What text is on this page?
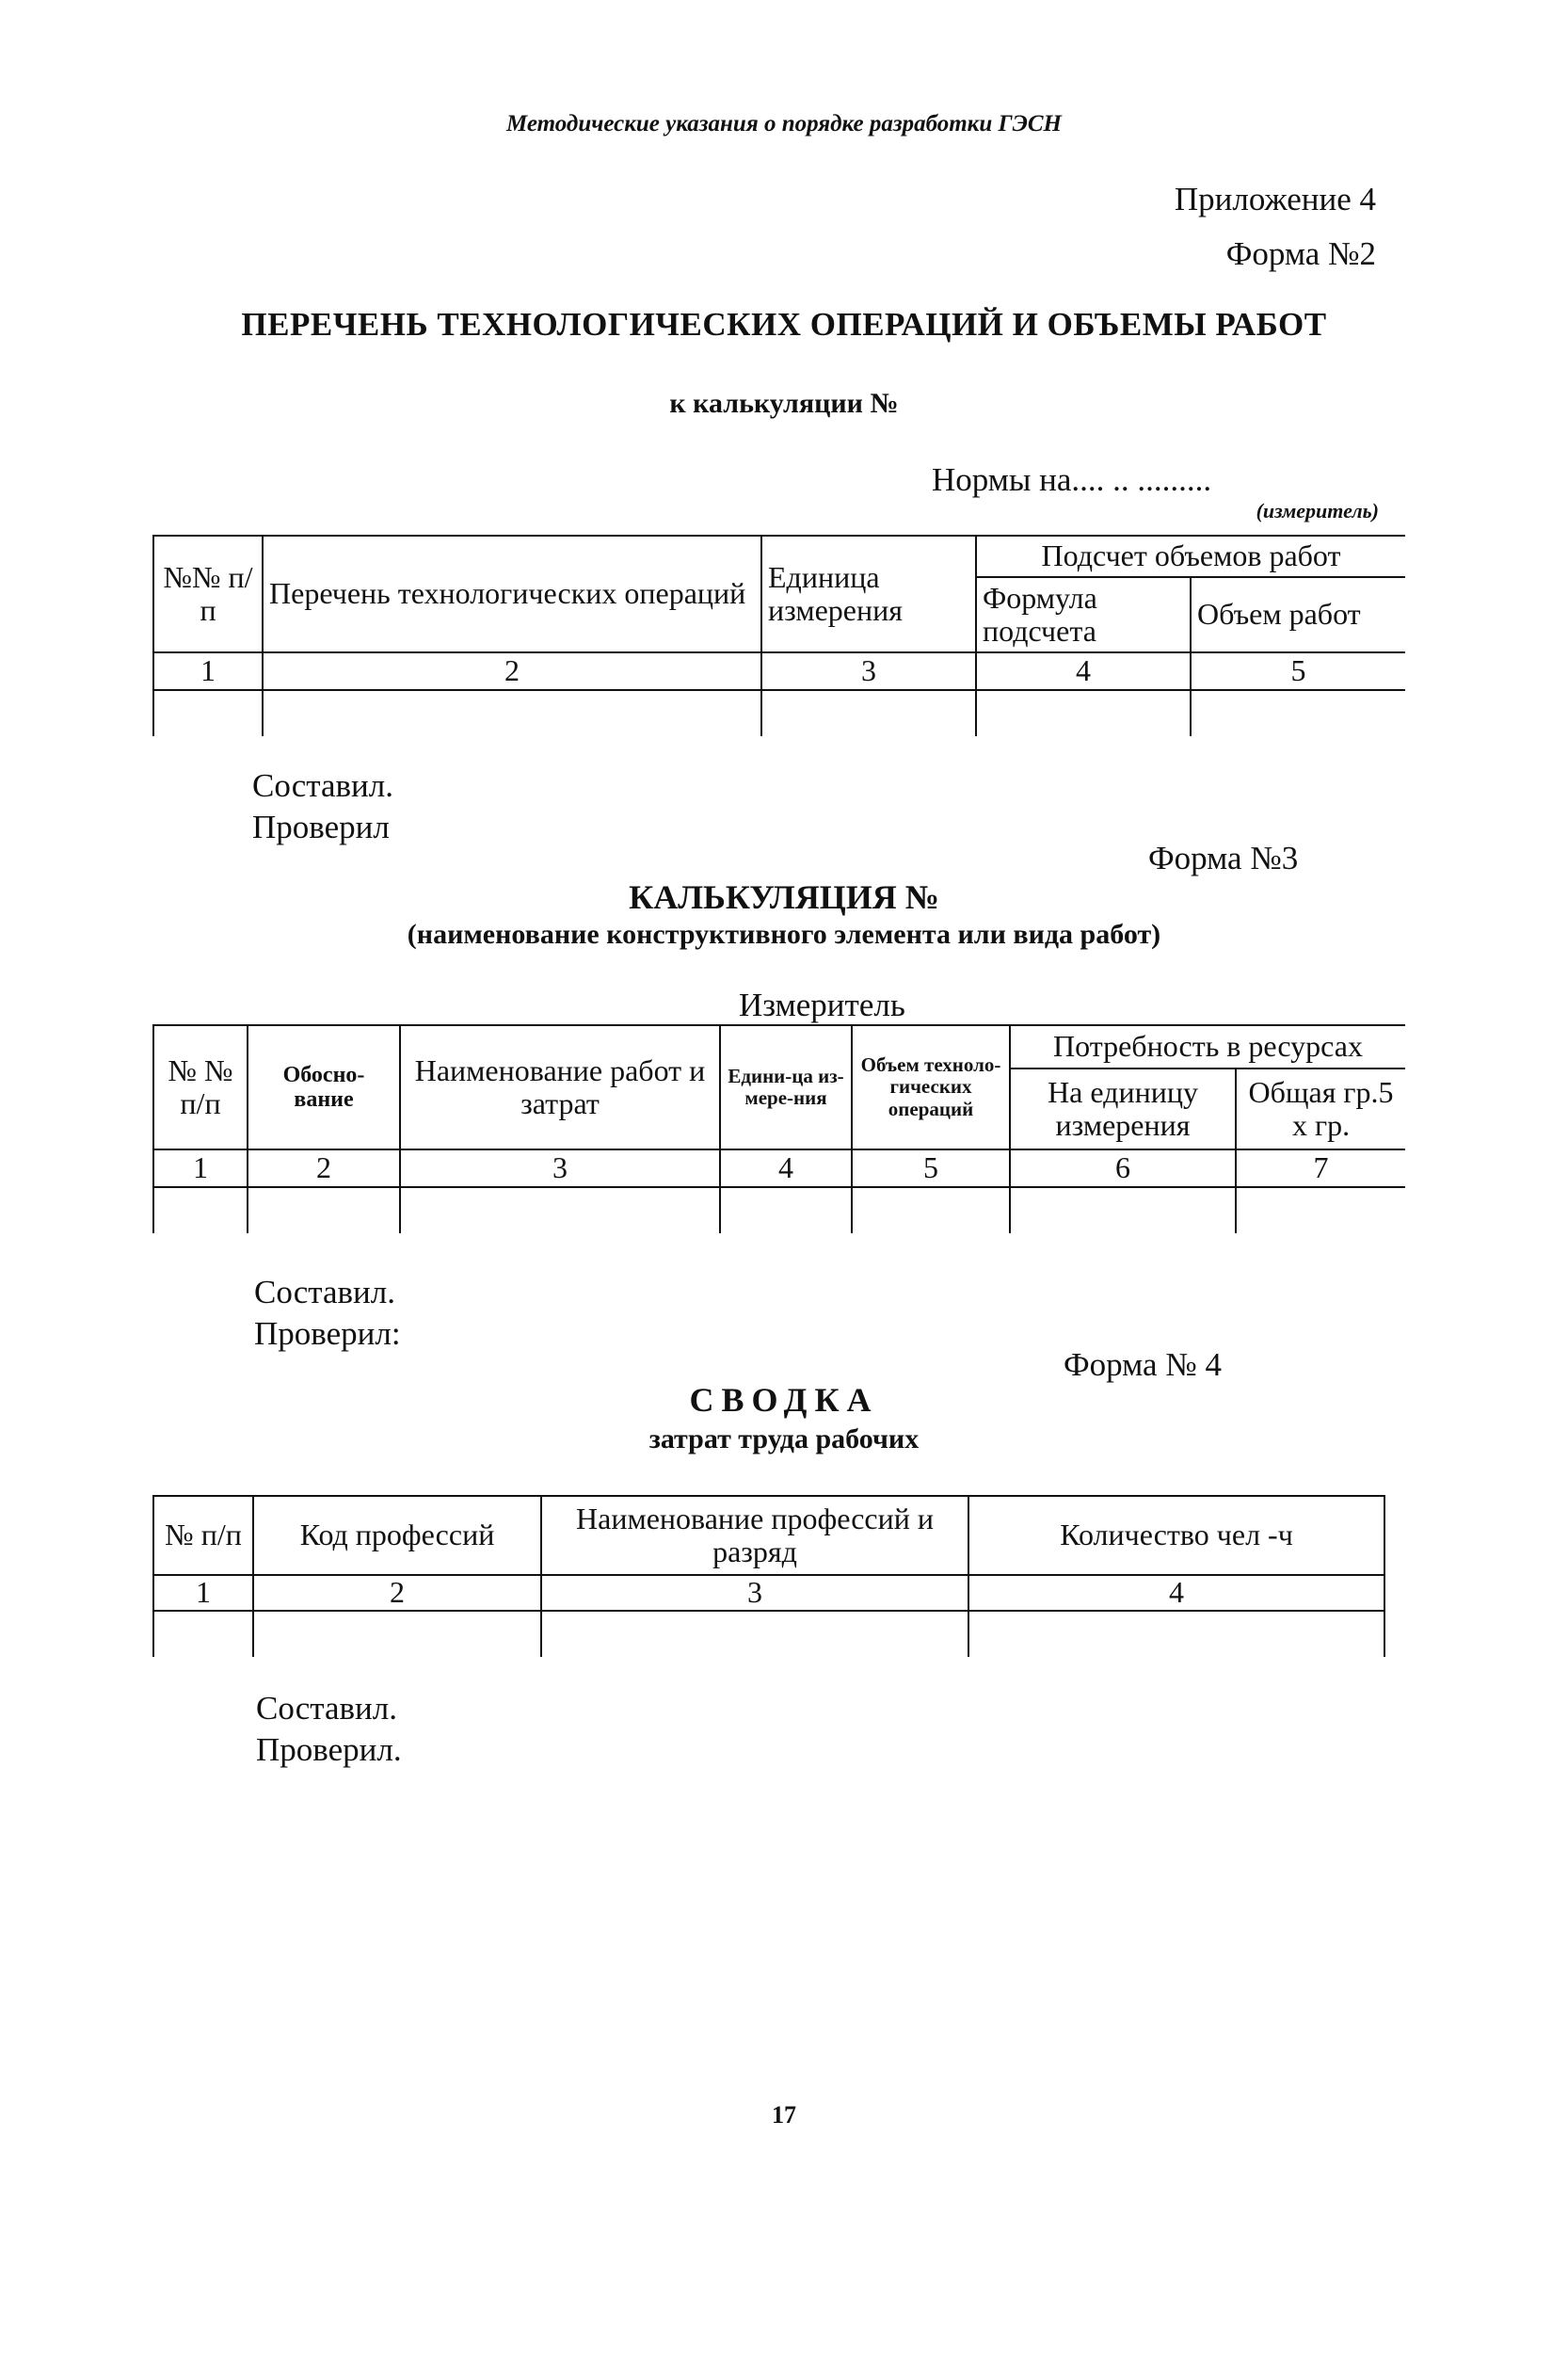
Методические указания о порядке разработки ГЭСН
Приложение 4
Форма №2
ПЕРЕЧЕНЬ ТЕХНОЛОГИЧЕСКИХ ОПЕРАЦИЙ И ОБЪЕМЫ РАБОТ
к калькуляции №
Нормы на.... .. .........
(измеритель)
№№ п/п	Перечень технологических операций	Единица измерения	Подсчет объемов работ	
			Формула подсчета	Объем работ
1	2	3	4	5

Составил.
Проверил
Форма №3
КАЛЬКУЛЯЦИЯ №
(наименование конструктивного элемента или вида работ)
Измеритель
№ № п/п	Обосно-вание	Наименование работ и затрат	Едини-ца из-мере-ния	Объем техноло-гических операций	Потребность в ресурсах	
					На единицу измерения	Общая гр.5 х гр.
1	2	3	4	5	6	7

Составил.
Проверил:
Форма № 4
СВОДКА
затрат труда рабочих
№ п/п	Код профессий	Наименование профессий и разряд	Количество чел -ч
1	2	3	4

Составил.
Проверил.
17
